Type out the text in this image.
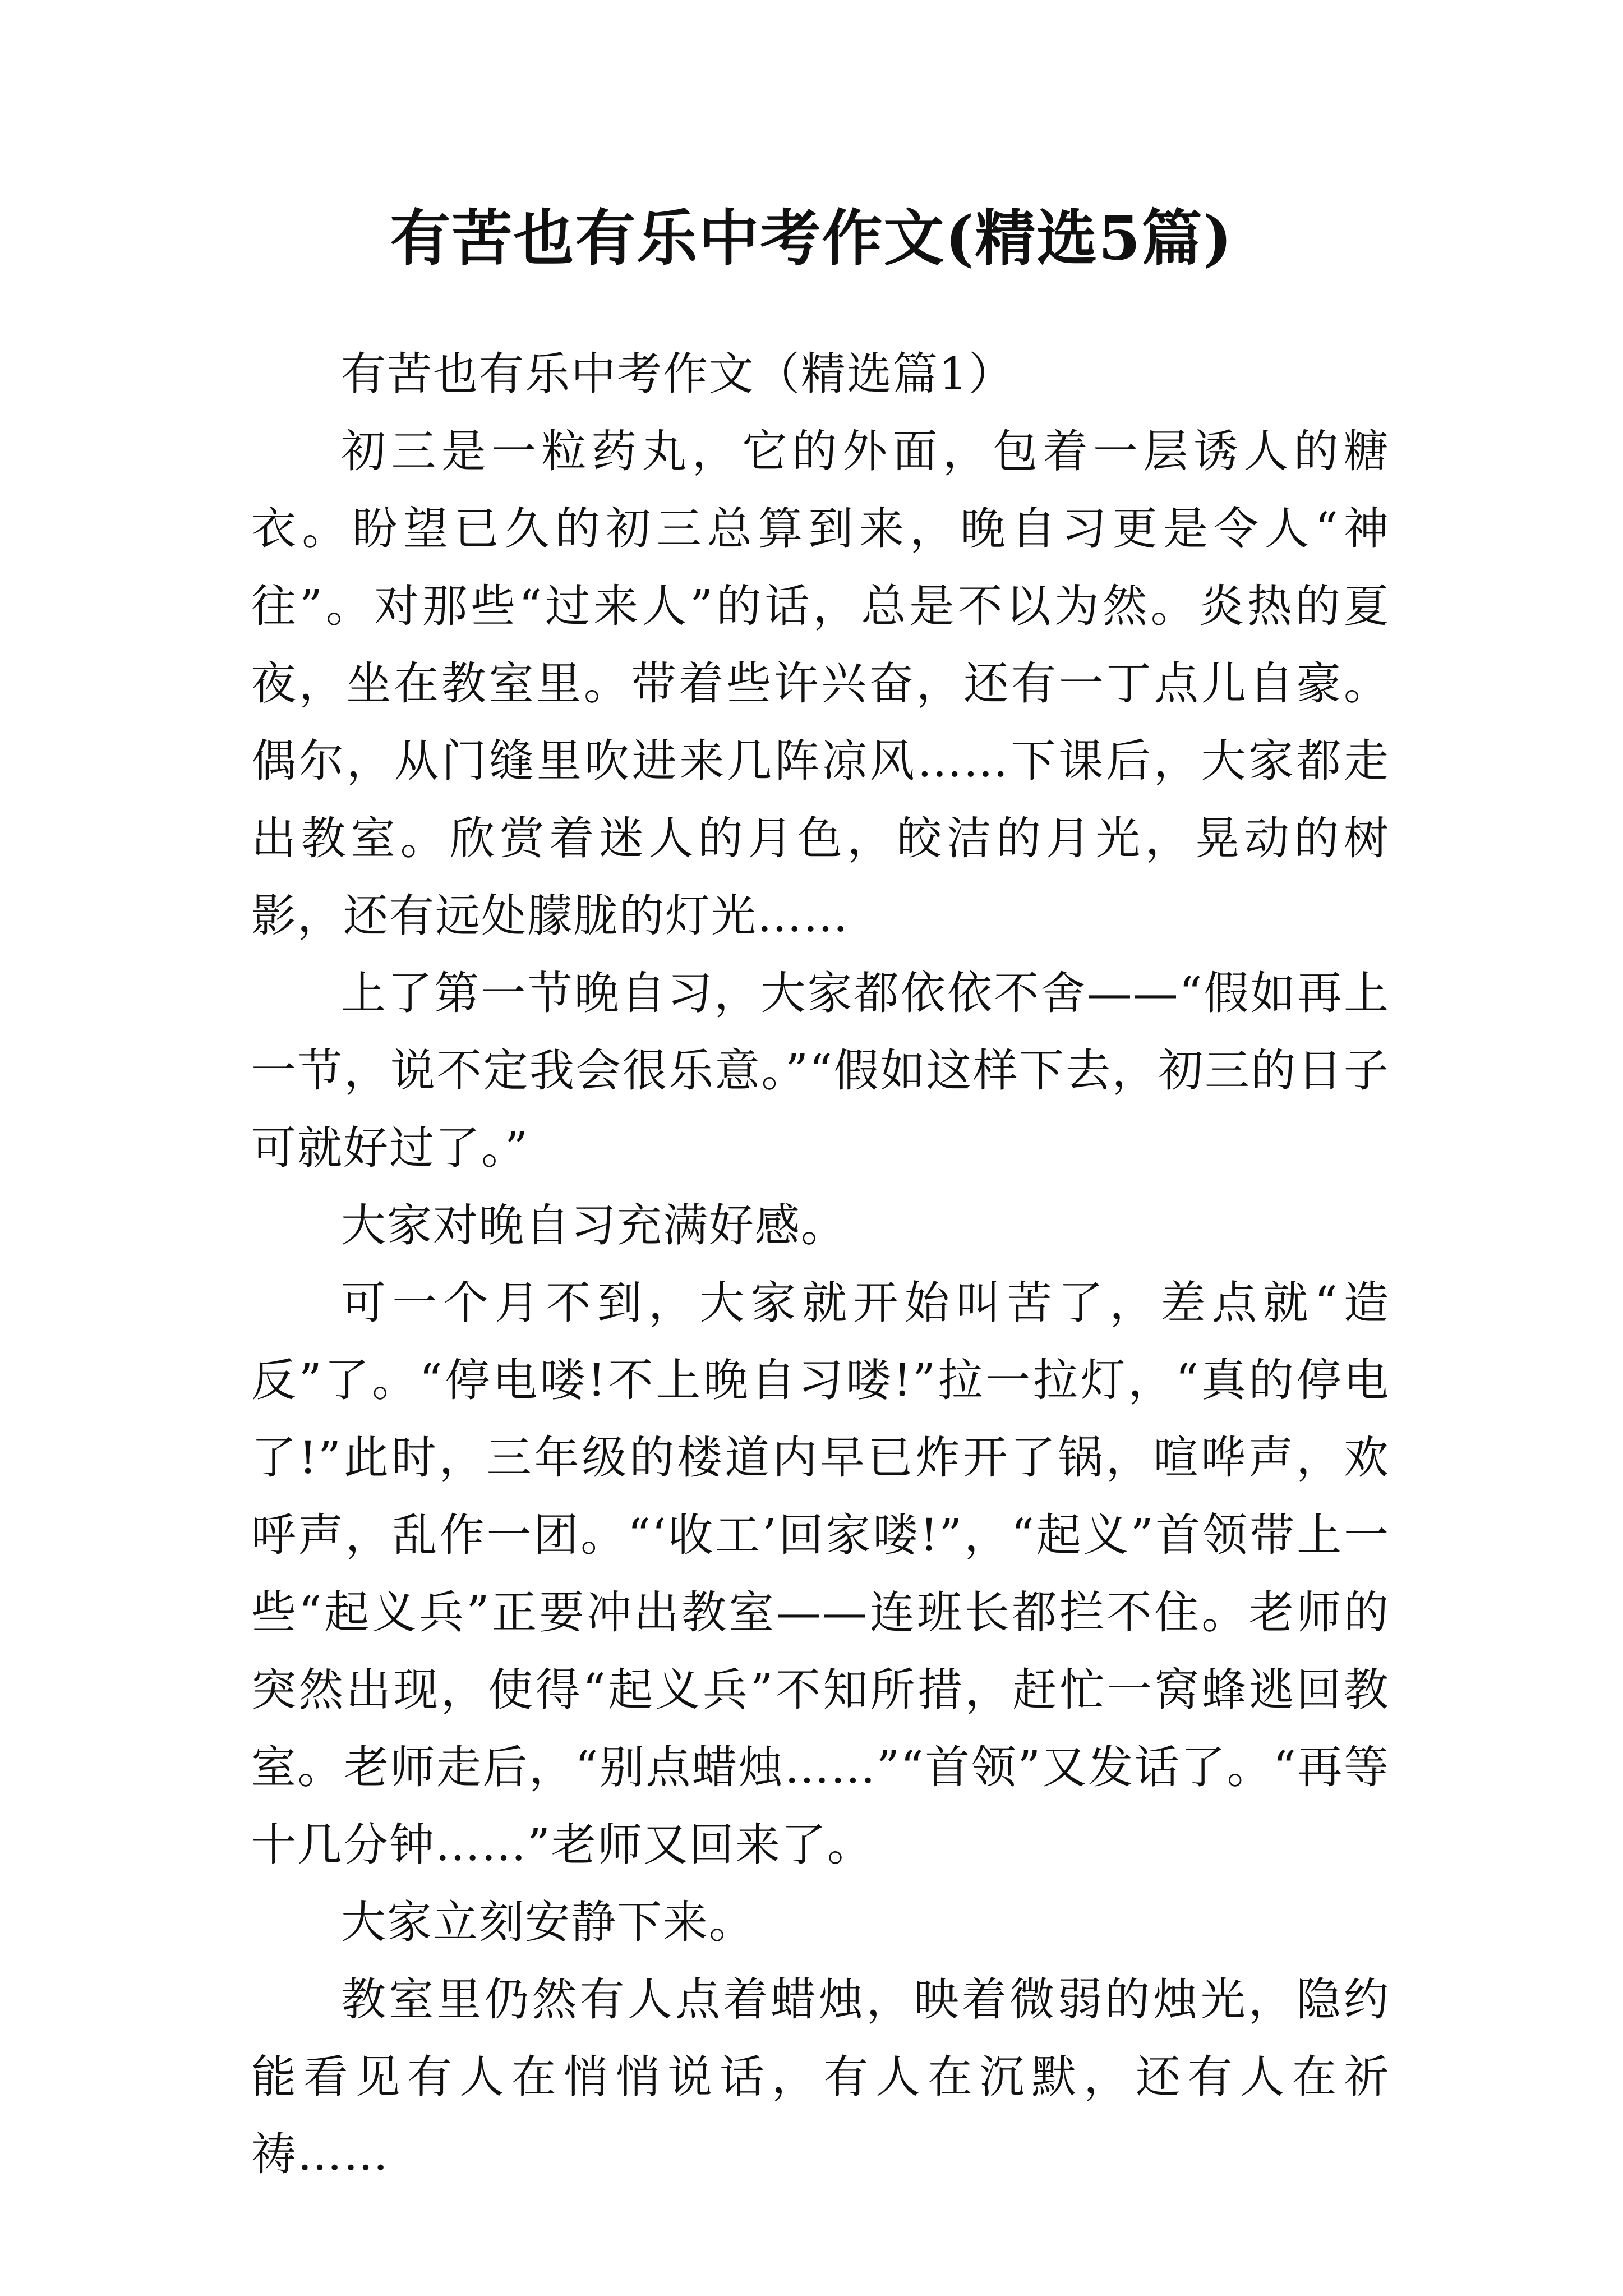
有苦也有乐中考作文(精选5篇)

有苦也有乐中考作文（精选篇1）

初三是一粒药丸，它的外面，包着一层诱人的糖衣。盼望已久的初三总算到来，晚自习更是令人“神往”。对那些“过来人”的话，总是不以为然。炎热的夏夜，坐在教室里。带着些许兴奋，还有一丁点儿自豪。偶尔，从门缝里吹进来几阵凉风……下课后，大家都走出教室。欣赏着迷人的月色，皎洁的月光，晃动的树影，还有远处朦胧的灯光……

上了第一节晚自习，大家都依依不舍——“假如再上一节，说不定我会很乐意。”“假如这样下去，初三的日子可就好过了。”

大家对晚自习充满好感。

可一个月不到，大家就开始叫苦了，差点就“造反”了。“停电喽!不上晚自习喽!”拉一拉灯，“真的停电了!”此时，三年级的楼道内早已炸开了锅，喧哗声，欢呼声，乱作一团。“‘收工’回家喽!”，“起义”首领带上一些“起义兵”正要冲出教室——连班长都拦不住。老师的突然出现，使得“起义兵”不知所措，赶忙一窝蜂逃回教室。老师走后，“别点蜡烛……”“首领”又发话了。“再等十几分钟……”老师又回来了。

大家立刻安静下来。

教室里仍然有人点着蜡烛，映着微弱的烛光，隐约能看见有人在悄悄说话，有人在沉默，还有人在祈祷……
